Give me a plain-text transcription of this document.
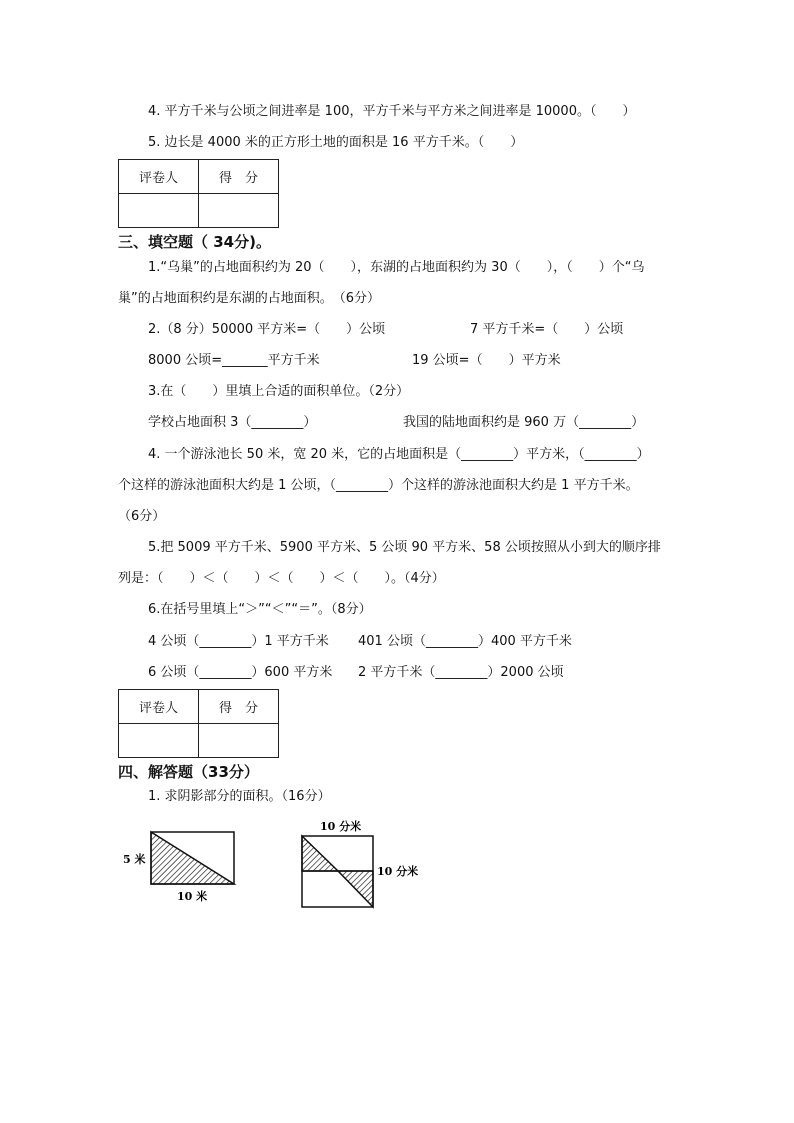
4. 平方千米与公顷之间进率是 100，平方千米与平方米之间进率是 10000。（　　）
5. 边长是 4000 米的正方形土地的面积是 16 平方千米。（　　）
评卷人	得　分

三、填空题（ 34分)。
1.“乌巢”的占地面积约为 20（　　），东湖的占地面积约为 30（　　），（　　）个“乌
巢”的占地面积约是东湖的占地面积。　（6分）
2.（8 分）50000 平方米=（　　）公顷	7 平方千米=（　　）公顷
8000 公顷=_______平方千米	19 公顷=（　　）平方米
3.在（　　）里填上合适的面积单位。（2分）
学校占地面积 3（________）	我国的陆地面积约是 960 万（________）
4. 一个游泳池长 50 米，宽 20 米，它的占地面积是（________）平方米，（________）
个这样的游泳池面积大约是 1 公顷，（________）个这样的游泳池面积大约是 1 平方千米。
（6分）
5.把 5009 平方千米、5900 平方米、5 公顷 90 平方米、58 公顷按照从小到大的顺序排
列是：（　　）＜（　　）＜（　　）＜（　　）。（4分）
6.在括号里填上“＞”“＜”“＝”。（8分）
4 公顷（________）1 平方千米 401 公顷（________）400 平方千米
6 公顷（________）600 平方米 2 平方千米（________）2000 公顷
评卷人	得　分

四、解答题（33分）
1. 求阴影部分的面积。（16分）
5 米
10 米
10 分米
10 分米
